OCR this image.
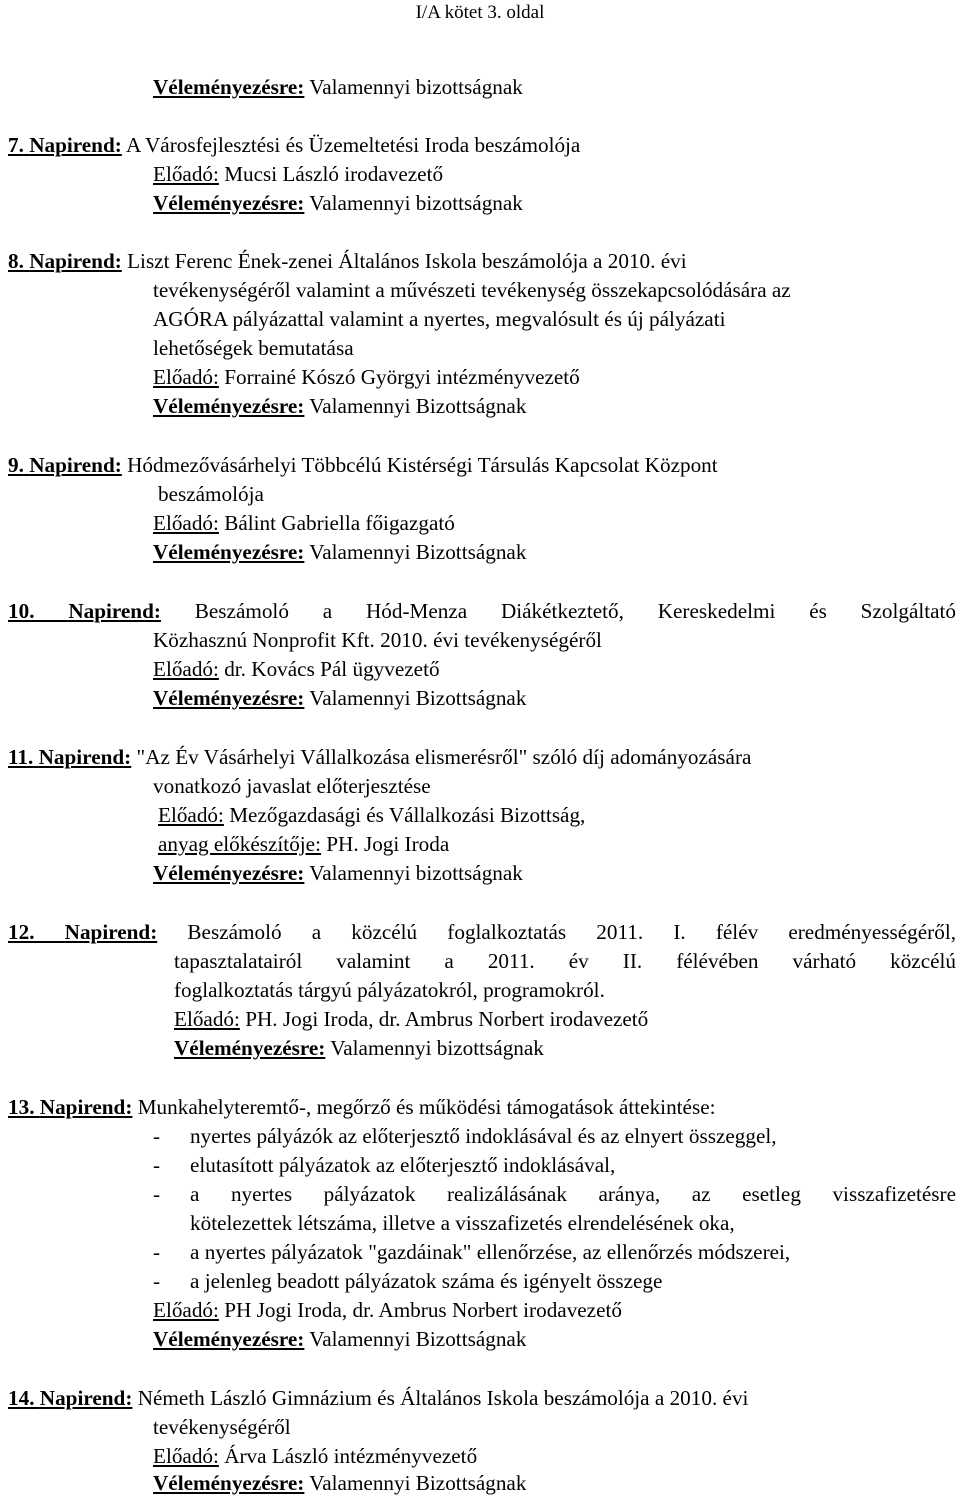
I/A kötet 3. oldal
Véleményezésre: Valamennyi bizottságnak
7. Napirend: A Városfejlesztési és Üzemeltetési Iroda beszámolója
Előadó: Mucsi László irodavezető
Véleményezésre: Valamennyi bizottságnak
8. Napirend: Liszt Ferenc Ének-zenei Általános Iskola beszámolója a 2010. évi
tevékenységéről valamint a művészeti tevékenység összekapcsolódására az
AGÓRA pályázattal valamint a nyertes, megvalósult és új pályázati
lehetőségek bemutatása
Előadó: Forrainé Kószó Györgyi intézményvezető
Véleményezésre: Valamennyi Bizottságnak
9. Napirend: Hódmezővásárhelyi Többcélú Kistérségi Társulás Kapcsolat Központ
beszámolója
Előadó: Bálint Gabriella főigazgató
Véleményezésre: Valamennyi Bizottságnak
10. Napirend: Beszámoló a Hód-Menza Diákétkeztető, Kereskedelmi és Szolgáltató
Közhasznú Nonprofit Kft. 2010. évi tevékenységéről
Előadó: dr. Kovács Pál ügyvezető
Véleményezésre: Valamennyi Bizottságnak
11. Napirend: "Az Év Vásárhelyi Vállalkozása elismerésről" szóló díj adományozására
vonatkozó javaslat előterjesztése
Előadó: Mezőgazdasági és Vállalkozási Bizottság,
anyag előkészítője: PH. Jogi Iroda
Véleményezésre: Valamennyi bizottságnak
12. Napirend: Beszámoló a közcélú foglalkoztatás 2011. I. félév eredményességéről,
tapasztalatairól valamint a 2011. év II. félévében várható közcélú
foglalkoztatás tárgyú pályázatokról, programokról.
Előadó: PH. Jogi Iroda, dr. Ambrus Norbert irodavezető
Véleményezésre: Valamennyi bizottságnak
13. Napirend: Munkahelyteremtő-, megőrző és működési támogatások áttekintése:
- nyertes pályázók az előterjesztő indoklásával és az elnyert összeggel,
- elutasított pályázatok az előterjesztő indoklásával,
- a nyertes pályázatok realizálásának aránya, az esetleg visszafizetésre
kötelezettek létszáma, illetve a visszafizetés elrendelésének oka,
- a nyertes pályázatok "gazdáinak" ellenőrzése, az ellenőrzés módszerei,
- a jelenleg beadott pályázatok száma és igényelt összege
Előadó: PH Jogi Iroda, dr. Ambrus Norbert irodavezető
Véleményezésre: Valamennyi Bizottságnak
14. Napirend: Németh László Gimnázium és Általános Iskola beszámolója a 2010. évi
tevékenységéről
Előadó: Árva László intézményvezető
Véleményezésre: Valamennyi Bizottságnak
